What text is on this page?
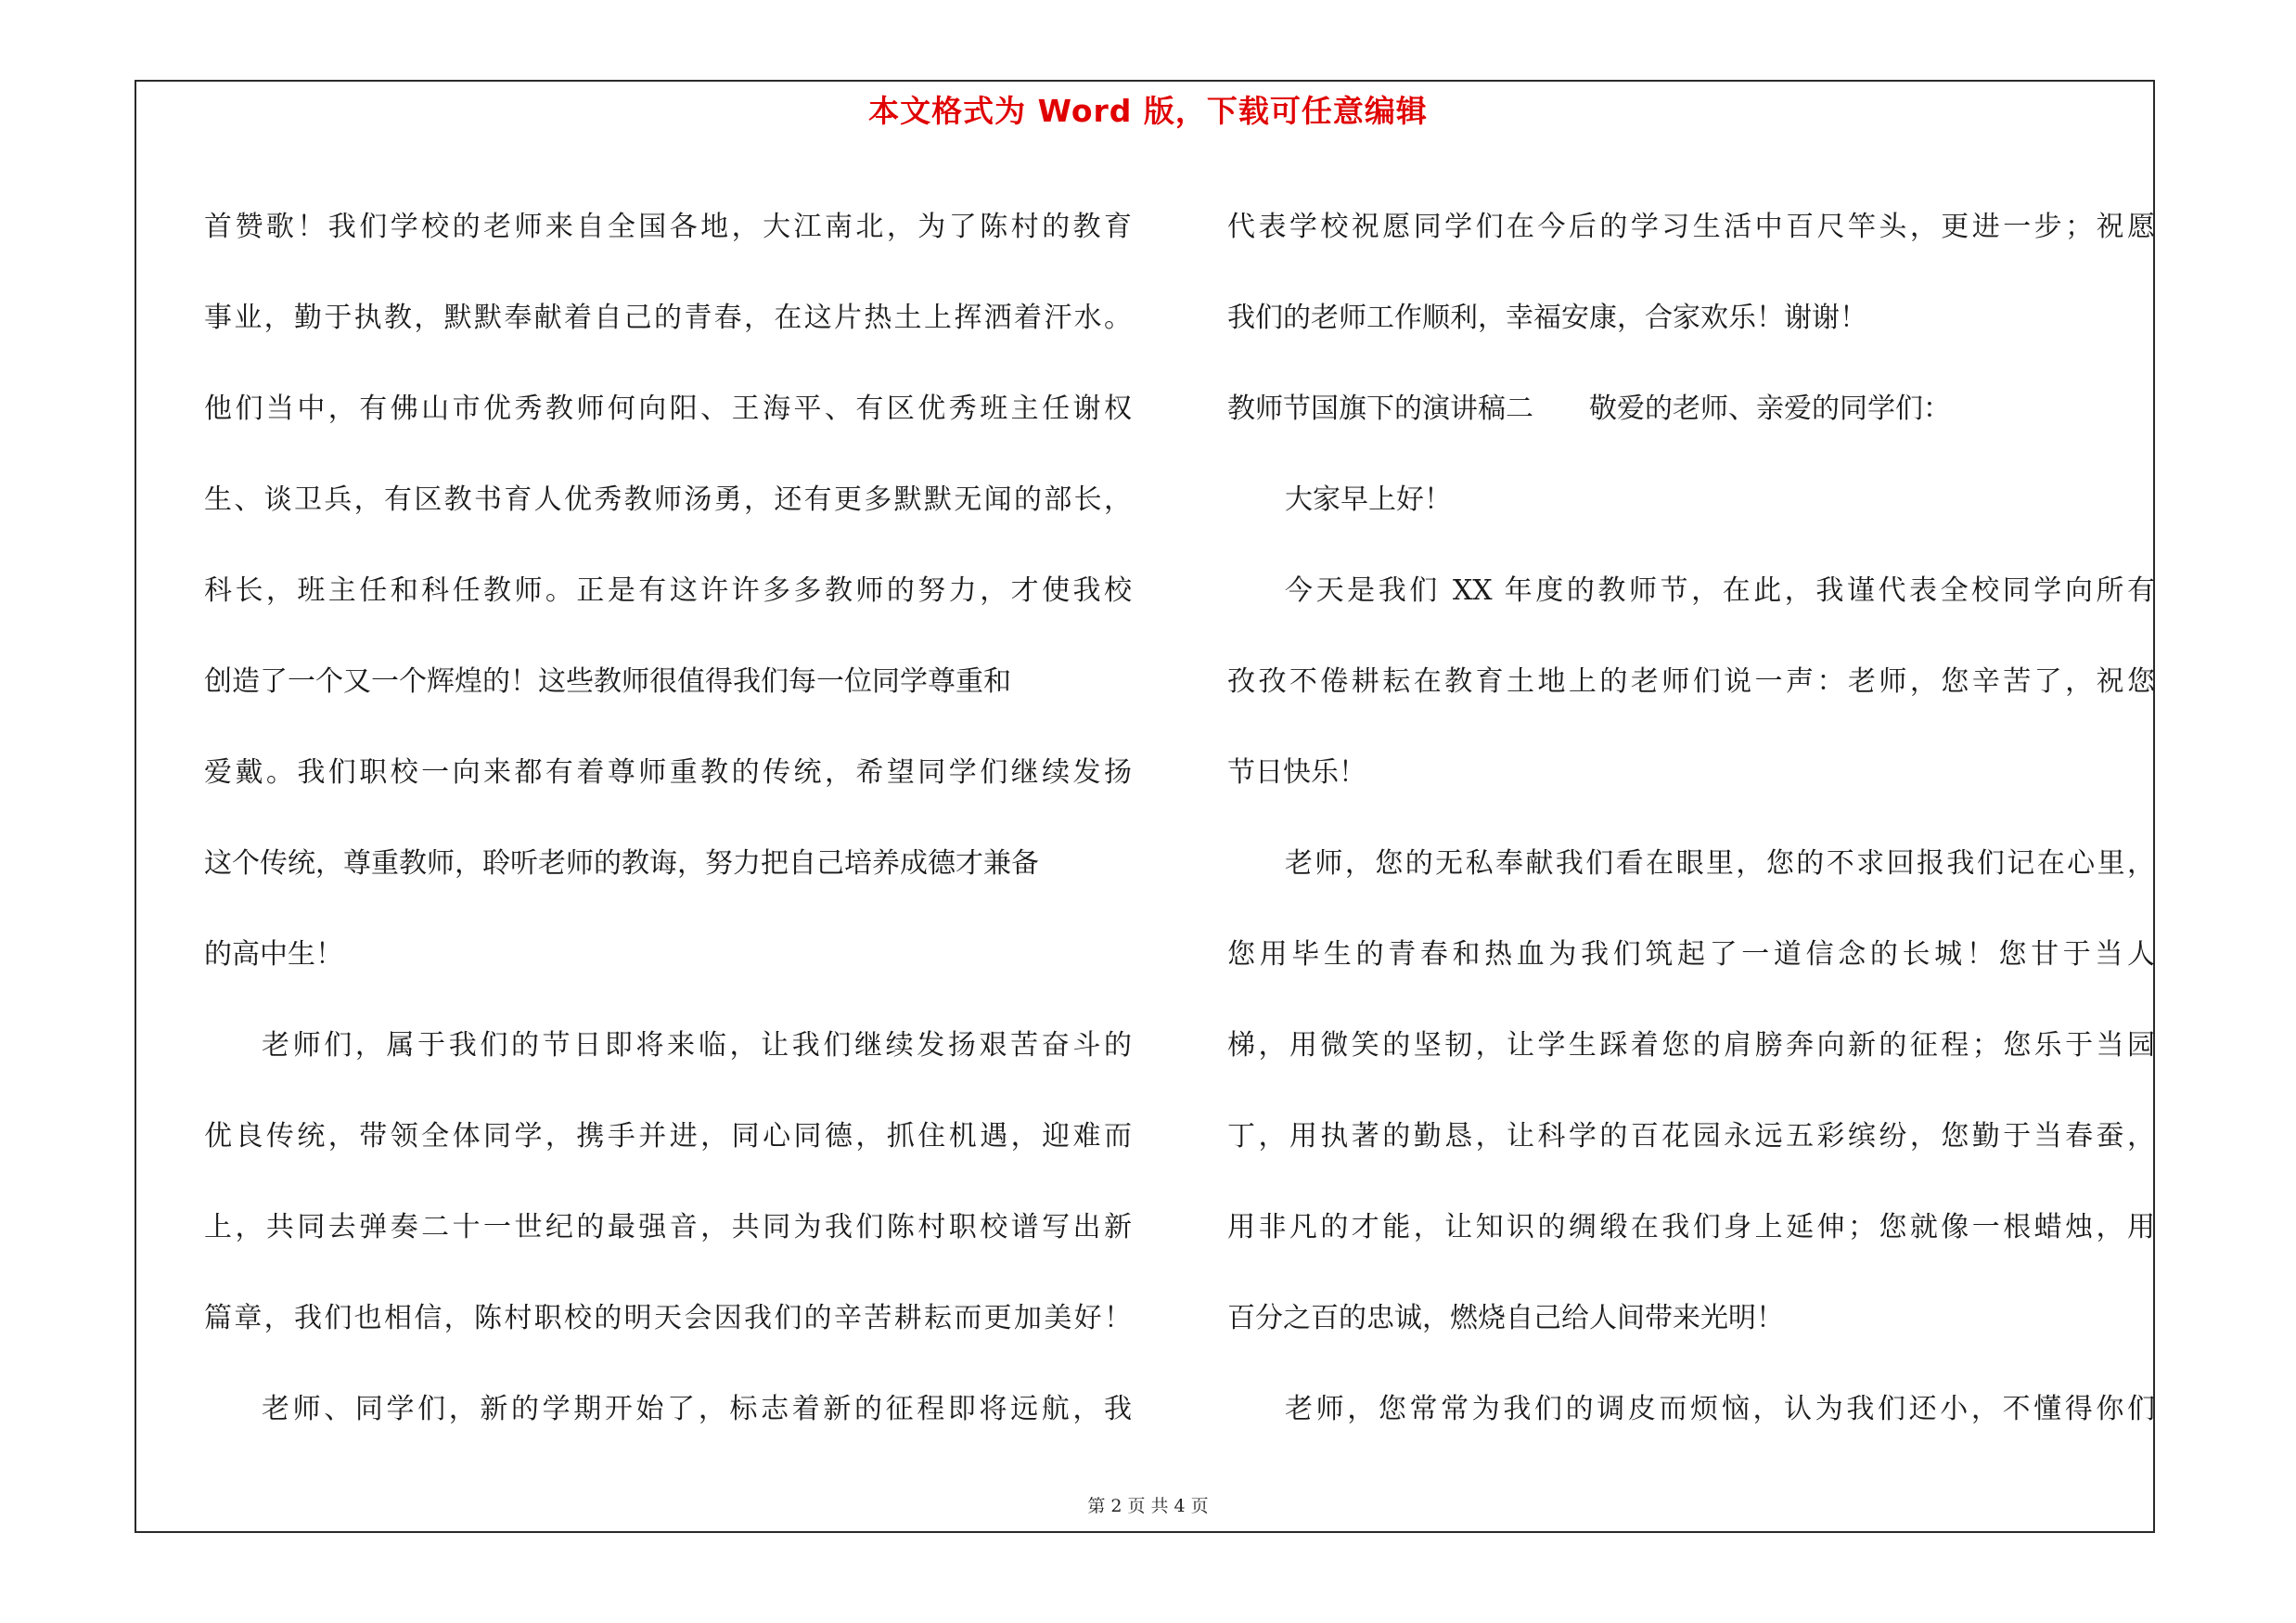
本文格式为 Word 版，下载可任意编辑
首赞歌！我们学校的老师来自全国各地，大江南北，为了陈村的教育
事业，勤于执教，默默奉献着自己的青春，在这片热土上挥洒着汗水。
他们当中，有佛山市优秀教师何向阳、王海平、有区优秀班主任谢权
生、谈卫兵，有区教书育人优秀教师汤勇，还有更多默默无闻的部长，
科长，班主任和科任教师。正是有这许许多多教师的努力，才使我校
创造了一个又一个辉煌的！这些教师很值得我们每一位同学尊重和
爱戴。我们职校一向来都有着尊师重教的传统，希望同学们继续发扬
这个传统，尊重教师，聆听老师的教诲，努力把自己培养成德才兼备
的高中生！
老师们，属于我们的节日即将来临，让我们继续发扬艰苦奋斗的
优良传统，带领全体同学，携手并进，同心同德，抓住机遇，迎难而
上，共同去弹奏二十一世纪的最强音，共同为我们陈村职校谱写出新
篇章，我们也相信，陈村职校的明天会因我们的辛苦耕耘而更加美好！
老师、同学们，新的学期开始了，标志着新的征程即将远航，我
代表学校祝愿同学们在今后的学习生活中百尺竿头，更进一步；祝愿
我们的老师工作顺利，幸福安康，合家欢乐！谢谢！
教师节国旗下的演讲稿二　　敬爱的老师、亲爱的同学们：
大家早上好！
今天是我们 XX 年度的教师节，在此，我谨代表全校同学向所有
孜孜不倦耕耘在教育土地上的老师们说一声：老师，您辛苦了，祝您
节日快乐！
老师，您的无私奉献我们看在眼里，您的不求回报我们记在心里，
您用毕生的青春和热血为我们筑起了一道信念的长城！您甘于当人
梯，用微笑的坚韧，让学生踩着您的肩膀奔向新的征程；您乐于当园
丁，用执著的勤恳，让科学的百花园永远五彩缤纷，您勤于当春蚕，
用非凡的才能，让知识的绸缎在我们身上延伸；您就像一根蜡烛，用
百分之百的忠诚，燃烧自己给人间带来光明！
老师，您常常为我们的调皮而烦恼，认为我们还小，不懂得你们
第 2 页 共 4 页
